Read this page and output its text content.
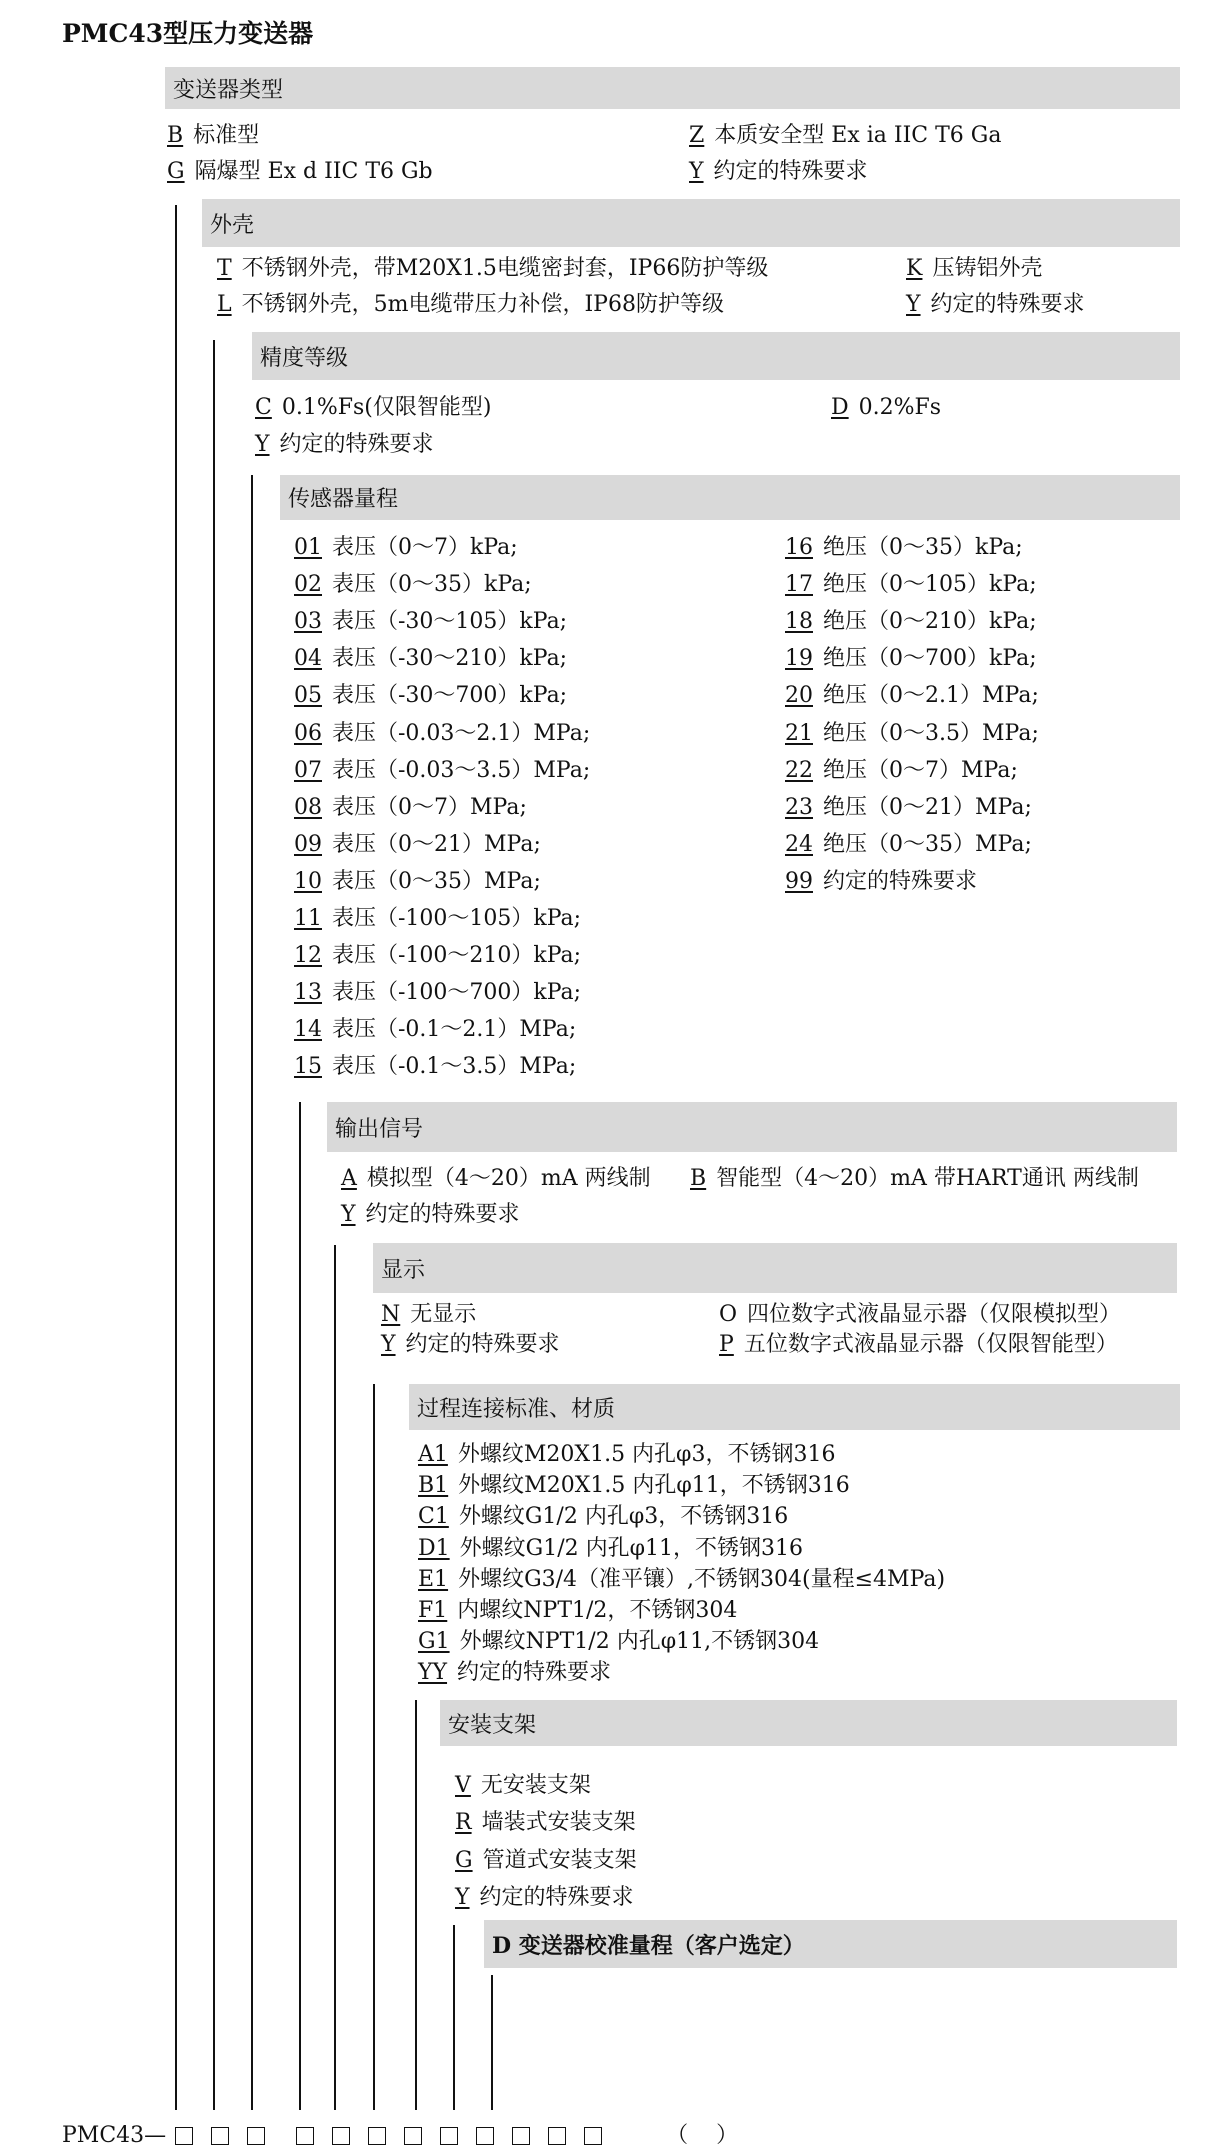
PMC43型压力变送器
变送器类型
B 标准型
G 隔爆型 Ex d IIC T6 Gb
Z 本质安全型 Ex ia IIC T6 Ga
Y 约定的特殊要求
外壳
T 不锈钢外壳，带M20X1.5电缆密封套，IP66防护等级
L 不锈钢外壳，5m电缆带压力补偿，IP68防护等级
K 压铸铝外壳
Y 约定的特殊要求
精度等级
C 0.1%Fs(仅限智能型)
Y 约定的特殊要求
D 0.2%Fs
传感器量程
01 表压（0～7）kPa;
02 表压（0～35）kPa;
03 表压（-30～105）kPa;
04 表压（-30～210）kPa;
05 表压（-30～700）kPa;
06 表压（-0.03～2.1）MPa;
07 表压（-0.03～3.5）MPa;
08 表压（0～7）MPa;
09 表压（0～21）MPa;
10 表压（0～35）MPa;
11 表压（-100～105）kPa;
12 表压（-100～210）kPa;
13 表压（-100～700）kPa;
14 表压（-0.1～2.1）MPa;
15 表压（-0.1～3.5）MPa;
16 绝压（0～35）kPa;
17 绝压（0～105）kPa;
18 绝压（0～210）kPa;
19 绝压（0～700）kPa;
20 绝压（0～2.1）MPa;
21 绝压（0～3.5）MPa;
22 绝压（0～7）MPa;
23 绝压（0～21）MPa;
24 绝压（0～35）MPa;
99 约定的特殊要求
输出信号
A 模拟型（4～20）mA 两线制 B 智能型（4～20）mA 带HART通讯 两线制
Y 约定的特殊要求
显示
N 无显示
Y 约定的特殊要求
O 四位数字式液晶显示器（仅限模拟型）
P 五位数字式液晶显示器（仅限智能型）
过程连接标准、材质
A1 外螺纹M20X1.5 内孔φ3，不锈钢316
B1 外螺纹M20X1.5 内孔φ11，不锈钢316
C1 外螺纹G1/2 内孔φ3，不锈钢316
D1 外螺纹G1/2 内孔φ11，不锈钢316
E1 外螺纹G3/4（准平镶）,不锈钢304(量程≤4MPa)
F1 内螺纹NPT1/2，不锈钢304
G1 外螺纹NPT1/2 内孔φ11,不锈钢304
YY 约定的特殊要求
安装支架
V 无安装支架
R 墙装式安装支架
G 管道式安装支架
Y 约定的特殊要求
D 变送器校准量程（客户选定）
PMC43—	（ ）
